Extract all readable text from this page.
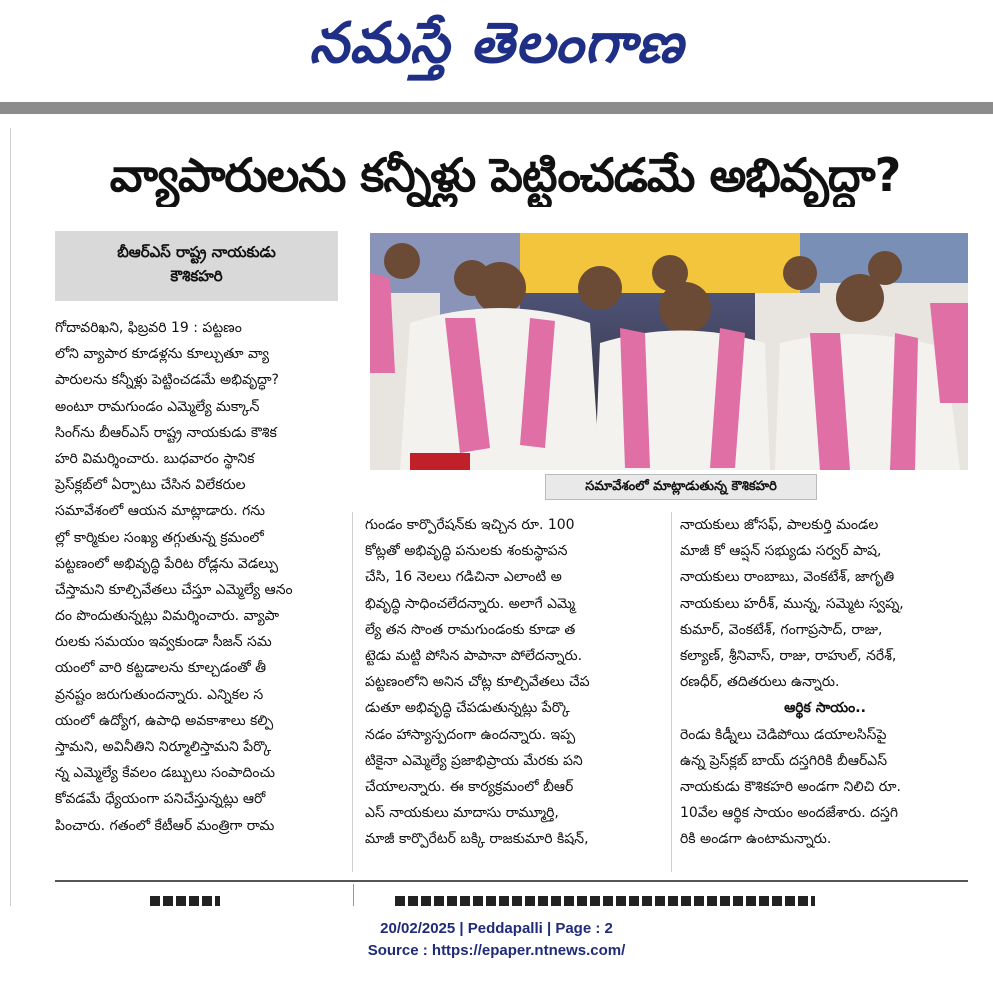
నమస్తే తెలంగాణ
వ్యాపారులను కన్నీళ్లు పెట్టించడమే అభివృద్ధా?
బీఆర్ఎస్ రాష్ట్ర నాయకుడు
కౌశికహరి
సమావేశంలో మాట్లాడుతున్న కౌశికహరి
గోదావరిఖని, ఫిబ్రవరి 19 : పట్టణం
లోని వ్యాపార కూడళ్లను కూల్చుతూ వ్యా
పారులను కన్నీళ్లు పెట్టించడమే అభివృద్ధా?
అంటూ రామగుండం ఎమ్మెల్యే మక్కాన్
సింగ్‌ను బీఆర్ఎస్ రాష్ట్ర నాయకుడు కౌశిక
హరి విమర్శించారు. బుధవారం స్థానిక
ప్రెస్‌క్లబ్‌లో ఏర్పాటు చేసిన విలేకరుల
సమావేశంలో ఆయన మాట్లాడారు. గను
ల్లో కార్మికుల సంఖ్య తగ్గుతున్న క్రమంలో
పట్టణంలో అభివృద్ధి పేరిట రోడ్లను వెడల్పు
చేస్తామని కూల్చివేతలు చేస్తూ ఎమ్మెల్యే ఆనం
దం పొందుతున్నట్లు విమర్శించారు. వ్యాపా
రులకు సమయం ఇవ్వకుండా సీజన్ సమ
యంలో వారి కట్టడాలను కూల్చడంతో తీ
వ్రనష్టం జరుగుతుందన్నారు. ఎన్నికల స
యంలో ఉద్యోగ, ఉపాధి అవకాశాలు కల్పి
స్తామని, అవినీతిని నిర్మూలిస్తామని పేర్కొ
న్న ఎమ్మెల్యే కేవలం డబ్బులు సంపాదించు
కోవడమే ధ్యేయంగా పనిచేస్తున్నట్లు ఆరో
పించారు. గతంలో కేటీఆర్ మంత్రిగా రామ
గుండం కార్పొరేషన్‌కు ఇచ్చిన రూ. 100
కోట్లతో అభివృద్ధి పనులకు శంకుస్థాపన
చేసి, 16 నెలలు గడిచినా ఎలాంటి అ
భివృద్ధి సాధించలేదన్నారు. అలాగే ఎమ్మె
ల్యే తన సొంత రామగుండంకు కూడా త
ట్టెడు మట్టి పోసిన పాపానా పోలేదన్నారు.
పట్టణంలోని అనిన చోట్ల కూల్చివేతలు చేప
డుతూ అభివృద్ధి చేపడుతున్నట్లు పేర్కొ
నడం హాస్యాస్పదంగా ఉందన్నారు. ఇప్ప
టికైనా ఎమ్మెల్యే ప్రజాభిప్రాయ మేరకు పని
చేయాలన్నారు. ఈ కార్యక్రమంలో బీఆర్
ఎస్ నాయకులు మాదాసు రామ్మూర్తి,
మాజీ కార్పొరేటర్ బక్కి రాజకుమారి కిషన్,
నాయకులు జోసఫ్, పాలకుర్తి మండల
మాజీ కో ఆప్షన్ సభ్యుడు సర్వర్ పాష,
నాయకులు రాంబాబు, వెంకటేశ్, జాగృతి
నాయకులు హరీశ్, మున్న, సమ్మెట స్వప్న,
కుమార్, వెంకటేశ్, గంగాప్రసాద్, రాజు,
కల్యాణ్, శ్రీనివాస్, రాజు, రాహుల్, నరేశ్,
రణధీర్, తదితరులు ఉన్నారు.
ఆర్థిక సాయం..
రెండు కిడ్నీలు చెడిపోయి డయాలసిస్‌పై
ఉన్న ప్రెస్‌క్లబ్ బాయ్ దస్తగిరికి బీఆర్ఎస్
నాయకుడు కౌశికహరి అండగా నిలిచి రూ.
10వేల ఆర్థిక సాయం అందజేశారు. దస్తగి
రికి అండగా ఉంటామన్నారు.
20/02/2025 | Peddapalli | Page : 2
Source : https://epaper.ntnews.com/
